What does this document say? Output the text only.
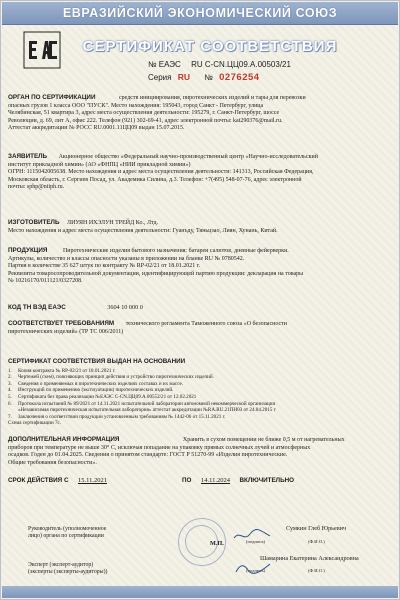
ЕВРАЗИЙСКИЙ ЭКОНОМИЧЕСКИЙ СОЮЗ
СЕРТИФИКАТ СООТВЕТСТВИЯ
№ ЕАЭС RU С-CN.ЦЦ09.А.00503/21
Серия RU № 0276254
ОРГАН ПО СЕРТИФИКАЦИИ	средств инициирования, пиротехнических изделий и тары для перевозки
опасных грузов 1 класса ООО "ПУСК". Место нахождения: 195043, город Санкт - Петербург, улица
Челябинская, 51 квартира 3, адрес места осуществления деятельности: 195279, г. Санкт-Петербург, шоссе
Революции, д. 69, лит А, офис 222. Телефон (921) 302-69-41, адрес электронной почты: kat290376@mail.ru.
Аттестат аккредитации № РОСС RU.0001.11ЦЦ09 выдан 15.07.2015.
ЗАЯВИТЕЛЬ Акционерное общество «Федеральный научно-производственный центр «Научно-исследовательский
институт прикладной химии» (АО «ФНПЦ «НИИ прикладной химии»)
ОГРН: 1115042005638. Место нахождения и адрес места осуществления деятельности: 141313, Российская Федерация,
Московская область, г. Сергиев Посад, ул. Академика Силина, д.3. Телефон: +7(495) 548-07-76, адрес электронной
почты: sphp@niiph.ru.
ИЗГОТОВИТЕЛЬ ЛИУЯН ИХЭЛУН ТРЕЙД Ко., Лтд.
Место нахождения и адрес места осуществления деятельности: Гуанъду, Тяньцзао, Лиян, Хунань, Китай.
ПРОДУКЦИЯ	Пиротехнические изделия бытового назначения: батареи салютов, дневные фейерверки.
Артикулы, количество и классы опасности указаны в приложении на бланке RU № 0780542.
Партия в количестве 35 627 штук по контракту № RP-02/21 от 18.01.2021 г.
Реквизиты товаросопроводительной документации, идентифицирующей партию продукции: декларация на товары
№ 10216170/011121/0327208.
КОД ТН ВЭД ЕАЭС	3604 10 000 0
СООТВЕТСТВУЕТ ТРЕБОВАНИЯМ технического регламента Таможенного союза «О безопасности
пиротехнических изделий» (ТР ТС 006/2011)
СЕРТИФИКАТ СООТВЕТСТВИЯ ВЫДАН НА ОСНОВАНИИ
1. Копия контракта № RP-02/21 от 18.01.2021 г.
2. Чертежей (схем), поясняющих принцип действия и устройство пиротехнических изделий.
3. Сведения о применяемых в пиротехнических изделиях составах и их массе.
4. Инструкций по применению (эксплуатации) пиротехнических изделий.
5. Сертификата без права реализации №ЕАЭС С-CN.ЦЦ09.А.00552/21 от 12.02.2021
6. Протокола испытаний № 89/2021 от 14.11.2021 испытательной лаборатории автономной некоммерческой организации
«Независимая пиротехническая испытательная лаборатория» аттестат аккредитации №RA.RU.21ПН03 от 24.04.2015 г
7. Заключения о соответствии продукции установленным требованиям № 1442-06 от 15.11.2021 г.
Схема сертификации 7с.
ДОПОЛНИТЕЛЬНАЯ ИНФОРМАЦИЯ	Хранить в сухом помещении не ближе 0,5 м от нагревательных
приборов при температуре не выше 30° С, исключая попадание на упаковку прямых солнечных лучей и атмосферных
осадков. Годен до 01.04.2025. Сведения о принятом стандарте: ГОСТ Р 51270-99 «Изделия пиротехнические.
Общие требования безопасности».
СРОК ДЕЙСТВИЯ С 15.11.2021	ПО 14.11.2024 ВКЛЮЧИТЕЛЬНО
Руководитель (уполномоченное
лицо) органа по сертификации
Сумкин Глеб Юрьевич
(подпись)	(Ф.И.О.)
М.П.
Эксперт (эксперт-аудитор)
(эксперты (эксперты-аудиторы))
Шамарина Екатерина Александровна
(подпись)	(Ф.И.О.)
